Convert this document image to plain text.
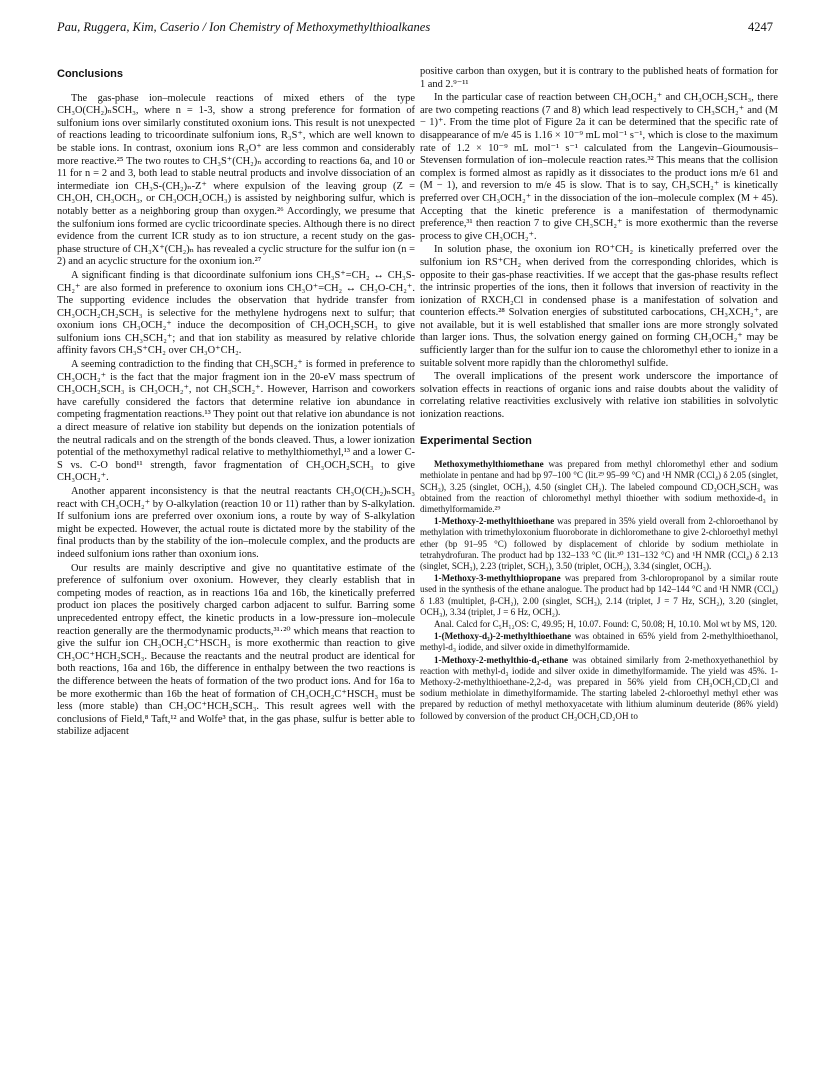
Pau, Ruggera, Kim, Caserio / Ion Chemistry of Methoxymethylthioalkanes	4247
Conclusions

The gas-phase ion–molecule reactions of mixed ethers of the type CH₃O(CH₂)ₙSCH₃, where n = 1-3, show a strong preference for formation of sulfonium ions over similarly constituted oxonium ions. This result is not unexpected of reactions leading to tricoordinate sulfonium ions, R₃S⁺, which are well known to be stable ions. In contrast, oxonium ions R₃O⁺ are less common and considerably more reactive.²⁵ The two routes to CH₃S⁺(CH₂)ₙ according to reactions 6a, and 10 or 11 for n = 2 and 3, both lead to stable neutral products and involve dissociation of an intermediate ion CH₃S-(CH₂)ₙ-Z⁺ where expulsion of the leaving group (Z = CH₃OH, CH₃OCH₃, or CH₃OCH₂OCH₃) is assisted by neighboring sulfur, which is notably better as a neighboring group than oxygen.²⁶ Accordingly, we presume that the sulfonium ions formed are cyclic tricoordinate species. Although there is no direct evidence from the current ICR study as to ion structure, a recent study on the gas-phase structure of CH₃X⁺(CH₂)ₙ has revealed a cyclic structure for the sulfur ion (n = 2) and an acyclic structure for the oxonium ion.²⁷

A significant finding is that dicoordinate sulfonium ions CH₃S⁺=CH₂ ↔ CH₃S-CH₂⁺ are also formed in preference to oxonium ions CH₃O⁺=CH₂ ↔ CH₃O-CH₂⁺. The supporting evidence includes the observation that hydride transfer from CH₃OCH₂CH₂SCH₃ is selective for the methylene hydrogens next to sulfur; that oxonium ions CH₃OCH₂⁺ induce the decomposition of CH₃OCH₂SCH₃ to give sulfonium ions CH₃SCH₂⁺; and that ion stability as measured by relative chloride affinity favors CH₃S⁺CH₂ over CH₃O⁺CH₂.

A seeming contradiction to the finding that CH₃SCH₂⁺ is formed in preference to CH₃OCH₂⁺ is the fact that the major fragment ion in the 20-eV mass spectrum of CH₃OCH₂SCH₃ is CH₃OCH₂⁺, not CH₃SCH₂⁺. However, Harrison and coworkers have carefully considered the factors that determine relative ion abundance in competing fragmentation reactions.¹³ They point out that relative ion abundance is not a direct measure of relative ion stability but depends on the ionization potentials of the neutral radicals and on the strength of the bonds cleaved. Thus, a lower ionization potential of the methoxymethyl radical relative to methylthiomethyl,¹³ and a lower C-S vs. C-O bond¹¹ strength, favor fragmentation of CH₃OCH₂SCH₃ to give CH₃OCH₂⁺.

Another apparent inconsistency is that the neutral reactants CH₃O(CH₂)ₙSCH₃ react with CH₃OCH₂⁺ by O-alkylation (reaction 10 or 11) rather than by S-alkylation. If sulfonium ions are preferred over oxonium ions, a route by way of S-alkylation might be expected. However, the actual route is dictated more by the stability of the final products than by the stability of the ion–molecule complex, and the products are indeed sulfonium ions rather than oxonium ions.

Our results are mainly descriptive and give no quantitative estimate of the preference of sulfonium over oxonium. However, they clearly establish that in competing modes of reaction, as in reactions 16a and 16b, the kinetically preferred product ion places the positively charged carbon adjacent to sulfur. Barring some unprecedented entropy effect, the kinetic products in a low-pressure ion–molecule reaction generally are the thermodynamic products,³¹·²⁰ which means that reaction to give the sulfur ion CH₃OCH₂C⁺HSCH₃ is more exothermic than reaction to give CH₃OC⁺HCH₂SCH₃. Because the reactants and the neutral product are identical for both reactions, 16a and 16b, the difference in enthalpy between the two reactions is the difference between the heats of formation of the two product ions. And for 16a to be more exothermic than 16b the heat of formation of CH₃OCH₂C⁺HSCH₃ must be less (more stable) than CH₃OC⁺HCH₂SCH₃. This result agrees well with the conclusions of Field,⁸ Taft,¹² and Wolfe³ that, in the gas phase, sulfur is better able to stabilize adjacent

positive carbon than oxygen, but it is contrary to the published heats of formation for 1 and 2.⁹⁻¹¹

In the particular case of reaction between CH₃OCH₂⁺ and CH₃OCH₂SCH₃, there are two competing reactions (7 and 8) which lead respectively to CH₃SCH₂⁺ and (M − 1)⁺. From the time plot of Figure 2a it can be determined that the specific rate of disappearance of m/e 45 is 1.16 × 10⁻⁹ mL mol⁻¹ s⁻¹, which is close to the maximum rate of 1.2 × 10⁻⁹ mL mol⁻¹ s⁻¹ calculated from the Langevin–Gioumousis–Stevensen formulation of ion–molecule reaction rates.³² This means that the collision complex is formed almost as rapidly as it dissociates to the product ions m/e 61 and (M − 1), and reversion to m/e 45 is slow. That is to say, CH₃SCH₂⁺ is kinetically preferred over CH₃OCH₂⁺ in the dissociation of the ion–molecule complex (M + 45). Accepting that the kinetic preference is a manifestation of thermodynamic preference,³¹ then reaction 7 to give CH₃SCH₂⁺ is more exothermic than the reverse process to give CH₃OCH₂⁺.

In solution phase, the oxonium ion RO⁺CH₂ is kinetically preferred over the sulfonium ion RS⁺CH₂ when derived from the corresponding chlorides, which is opposite to their gas-phase reactivities. If we accept that the gas-phase results reflect the intrinsic properties of the ions, then it follows that inversion of reactivity in the ionization of RXCH₂Cl in condensed phase is a manifestation of solvation and counterion effects.²⁸ Solvation energies of substituted carbocations, CH₃XCH₂⁺, are not available, but it is well established that smaller ions are more strongly solvated than larger ions. Thus, the solvation energy gained on forming CH₃OCH₂⁺ may be sufficiently larger than for the sulfur ion to cause the chloromethyl ether to ionize in a suitable solvent more rapidly than the chloromethyl sulfide.

The overall implications of the present work underscore the importance of solvation effects in reactions of organic ions and raise doubts about the validity of correlating relative reactivities exclusively with relative ion stabilities in solvolytic ionization reactions.

Experimental Section

Methoxymethylthiomethane was prepared from methyl chloromethyl ether and sodium methiolate in pentane and had bp 97–100 °C (lit.²⁹ 95–99 °C) and ¹H NMR (CCl₄) δ 2.05 (singlet, SCH₃), 3.25 (singlet, OCH₃), 4.50 (singlet CH₂). The labeled compound CD₃OCH₂SCH₃ was obtained from the reaction of chloromethyl methyl thioether with sodium methoxide-d₃ in dimethylformamide.²⁹

1-Methoxy-2-methylthioethane was prepared in 35% yield overall from 2-chloroethanol by methylation with trimethyloxonium fluoroborate in dichloromethane to give 2-chloroethyl methyl ether (bp 91–95 °C) followed by displacement of chloride by sodium methiolate in tetrahydrofuran. The product had bp 132–133 °C (lit.³⁰ 131–132 °C) and ¹H NMR (CCl₄) δ 2.13 (singlet, SCH₃), 2.23 (triplet, SCH₂), 3.50 (triplet, OCH₂), 3.34 (singlet, OCH₃).

1-Methoxy-3-methylthiopropane was prepared from 3-chloropropanol by a similar route used in the synthesis of the ethane analogue. The product had bp 142–144 °C and ¹H NMR (CCl₄) δ 1.83 (multiplet, β-CH₂), 2.00 (singlet, SCH₃), 2.14 (triplet, J = 7 Hz, SCH₂), 3.20 (singlet, OCH₃), 3.34 (triplet, J = 6 Hz, OCH₂).

Anal. Calcd for C₅H₁₂OS: C, 49.95; H, 10.07. Found: C, 50.08; H, 10.10. Mol wt by MS, 120.

1-(Methoxy-d₃)-2-methylthioethane was obtained in 65% yield from 2-methylthioethanol, methyl-d₃ iodide, and silver oxide in dimethylformamide.

1-Methoxy-2-methylthio-d₃-ethane was obtained similarly from 2-methoxyethanethiol by reaction with methyl-d₃ iodide and silver oxide in dimethylformamide. The yield was 45%. 1-Methoxy-2-methylthioethane-2,2-d₂ was prepared in 56% yield from CH₃OCH₂CD₂Cl and sodium methiolate in dimethylformamide. The starting labeled 2-chloroethyl methyl ether was prepared by reduction of methyl methoxyacetate with lithium aluminum deuteride (86% yield) followed by conversion of the product CH₃OCH₂CD₂OH to
